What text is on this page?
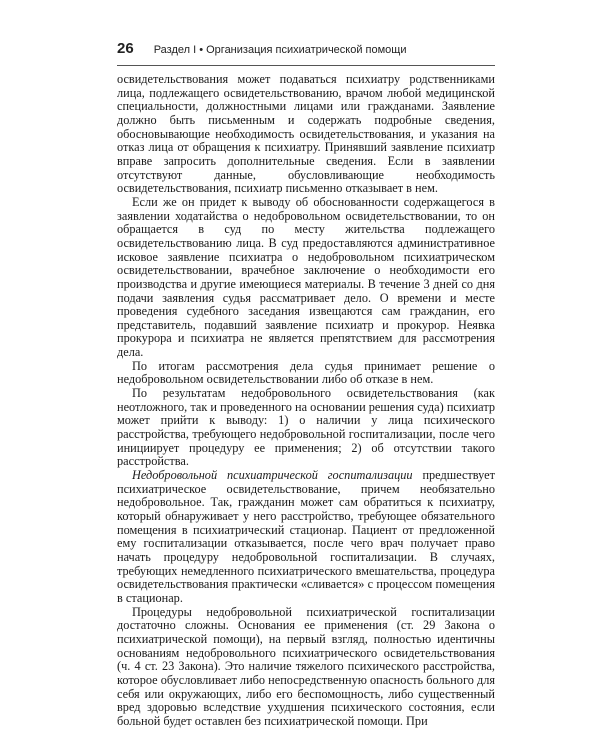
26 Раздел I • Организация психиатрической помощи

освидетельствования может подаваться психиатру родственниками лица, подлежащего освидетельствованию, врачом любой медицинской специальности, должностными лицами или гражданами. Заявление должно быть письменным и содержать подробные сведения, обосновывающие необходимость освидетельствования, и указания на отказ лица от обращения к психиатру. Принявший заявление психиатр вправе запросить дополнительные сведения. Если в заявлении отсутствуют данные, обусловливающие необходимость освидетельствования, психиатр письменно отказывает в нем.

Если же он придет к выводу об обоснованности содержащегося в заявлении ходатайства о недобровольном освидетельствовании, то он обращается в суд по месту жительства подлежащего освидетельствованию лица. В суд предоставляются административное исковое заявление психиатра о недобровольном психиатрическом освидетельствовании, врачебное заключение о необходимости его производства и другие имеющиеся материалы. В течение 3 дней со дня подачи заявления судья рассматривает дело. О времени и месте проведения судебного заседания извещаются сам гражданин, его представитель, подавший заявление психиатр и прокурор. Неявка прокурора и психиатра не является препятствием для рассмотрения дела.

По итогам рассмотрения дела судья принимает решение о недобровольном освидетельствовании либо об отказе в нем.

По результатам недобровольного освидетельствования (как неотложного, так и проведенного на основании решения суда) психиатр может прийти к выводу: 1) о наличии у лица психического расстройства, требующего недобровольной госпитализации, после чего инициирует процедуру ее применения; 2) об отсутствии такого расстройства.

Недобровольной психиатрической госпитализации предшествует психиатрическое освидетельствование, причем необязательно недобровольное. Так, гражданин может сам обратиться к психиатру, который обнаруживает у него расстройство, требующее обязательного помещения в психиатрический стационар. Пациент от предложенной ему госпитализации отказывается, после чего врач получает право начать процедуру недобровольной госпитализации. В случаях, требующих немедленного психиатрического вмешательства, процедура освидетельствования практически «сливается» с процессом помещения в стационар.

Процедуры недобровольной психиатрической госпитализации достаточно сложны. Основания ее применения (ст. 29 Закона о психиатрической помощи), на первый взгляд, полностью идентичны основаниям недобровольного психиатрического освидетельствования (ч. 4 ст. 23 Закона). Это наличие тяжелого психического расстройства, которое обусловливает либо непосредственную опасность больного для себя или окружающих, либо его беспомощность, либо существенный вред здоровью вследствие ухудшения психического состояния, если больной будет оставлен без психиатрической помощи. При
